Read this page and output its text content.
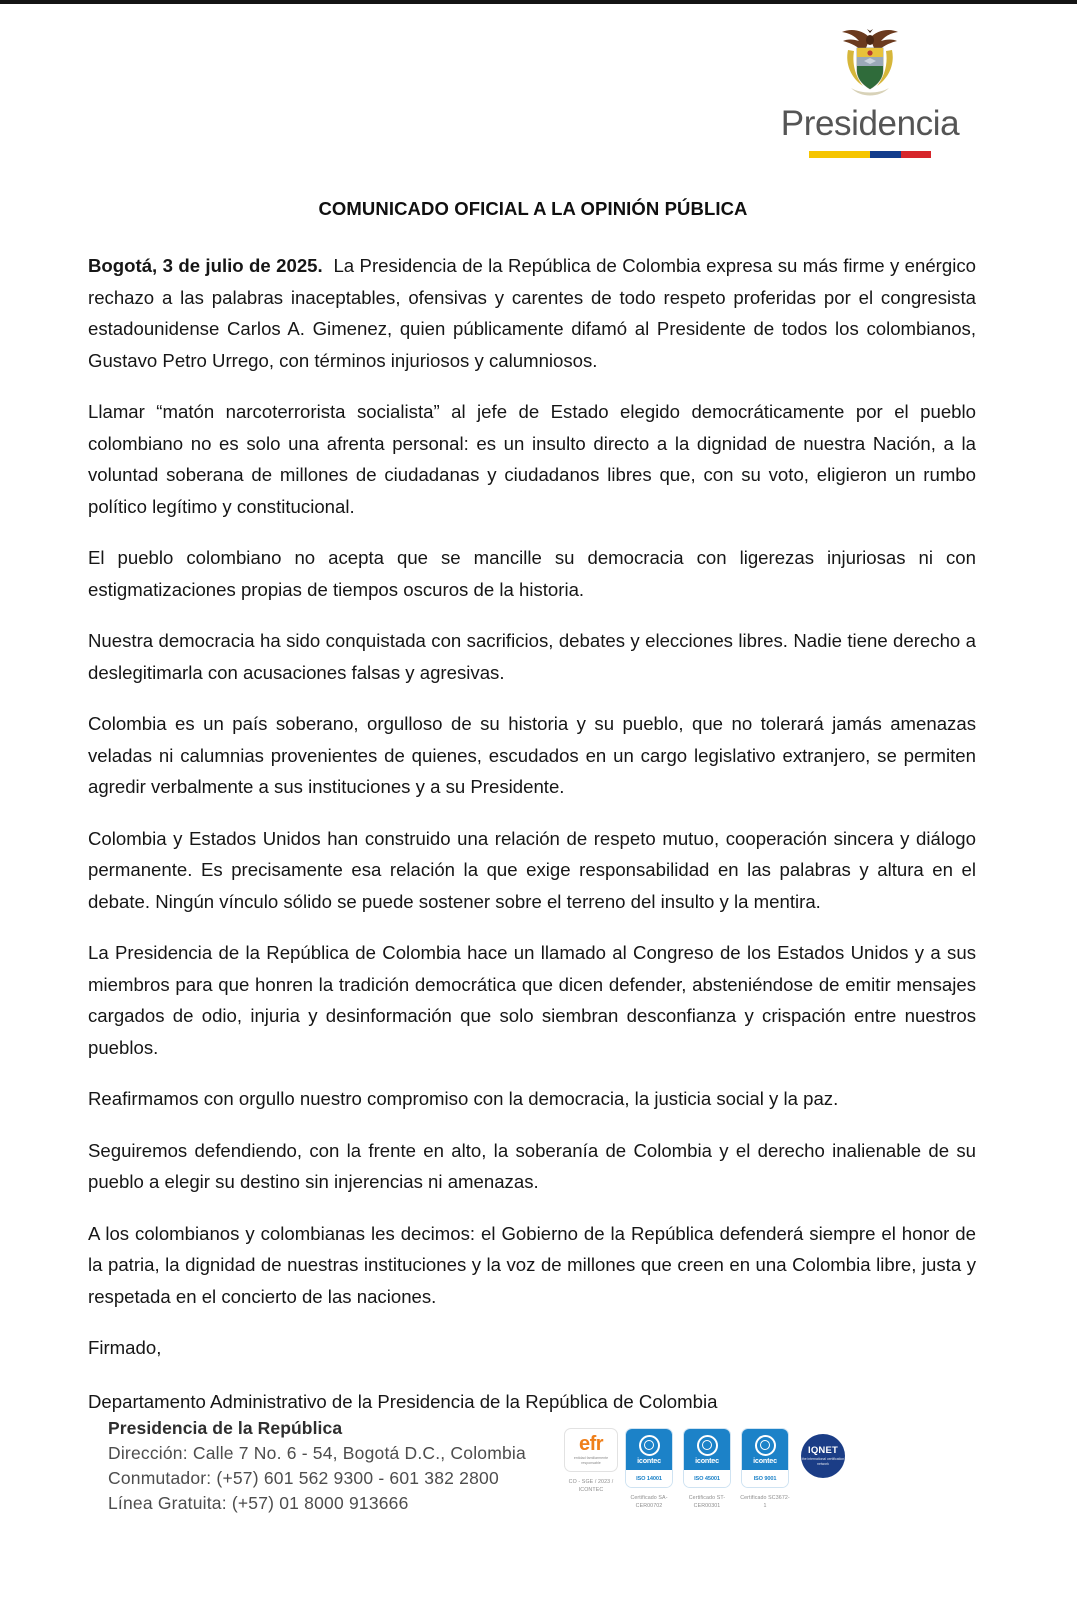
Presidencia
COMUNICADO OFICIAL A LA OPINIÓN PÚBLICA

Bogotá, 3 de julio de 2025. La Presidencia de la República de Colombia expresa su más firme y enérgico rechazo a las palabras inaceptables, ofensivas y carentes de todo respeto proferidas por el congresista estadounidense Carlos A. Gimenez, quien públicamente difamó al Presidente de todos los colombianos, Gustavo Petro Urrego, con términos injuriosos y calumniosos.

Llamar “matón narcoterrorista socialista” al jefe de Estado elegido democráticamente por el pueblo colombiano no es solo una afrenta personal: es un insulto directo a la dignidad de nuestra Nación, a la voluntad soberana de millones de ciudadanas y ciudadanos libres que, con su voto, eligieron un rumbo político legítimo y constitucional.

El pueblo colombiano no acepta que se mancille su democracia con ligerezas injuriosas ni con estigmatizaciones propias de tiempos oscuros de la historia.

Nuestra democracia ha sido conquistada con sacrificios, debates y elecciones libres. Nadie tiene derecho a deslegitimarla con acusaciones falsas y agresivas.

Colombia es un país soberano, orgulloso de su historia y su pueblo, que no tolerará jamás amenazas veladas ni calumnias provenientes de quienes, escudados en un cargo legislativo extranjero, se permiten agredir verbalmente a sus instituciones y a su Presidente.

Colombia y Estados Unidos han construido una relación de respeto mutuo, cooperación sincera y diálogo permanente. Es precisamente esa relación la que exige responsabilidad en las palabras y altura en el debate. Ningún vínculo sólido se puede sostener sobre el terreno del insulto y la mentira.

La Presidencia de la República de Colombia hace un llamado al Congreso de los Estados Unidos y a sus miembros para que honren la tradición democrática que dicen defender, absteniéndose de emitir mensajes cargados de odio, injuria y desinformación que solo siembran desconfianza y crispación entre nuestros pueblos.

Reafirmamos con orgullo nuestro compromiso con la democracia, la justicia social y la paz.

Seguiremos defendiendo, con la frente en alto, la soberanía de Colombia y el derecho inalienable de su pueblo a elegir su destino sin injerencias ni amenazas.

A los colombianos y colombianas les decimos: el Gobierno de la República defenderá siempre el honor de la patria, la dignidad de nuestras instituciones y la voz de millones que creen en una Colombia libre, justa y respetada en el concierto de las naciones.

Firmado,

Departamento Administrativo de la Presidencia de la República de Colombia

Presidencia de la República
Dirección: Calle 7 No. 6 - 54, Bogotá D.C., Colombia
Conmutador: (+57) 601 562 9300 - 601 382 2800
Línea Gratuita: (+57) 01 8000 913666
efr
entidad familiarmente responsable
CO - SGE / 2023 / ICONTEC
icontec
ISO 14001
Certificado SA-CER00702
icontec
ISO 45001
Certificado ST-CER00301
icontec
ISO 9001
Certificado SC3672-1
IQNET
the international certification network
